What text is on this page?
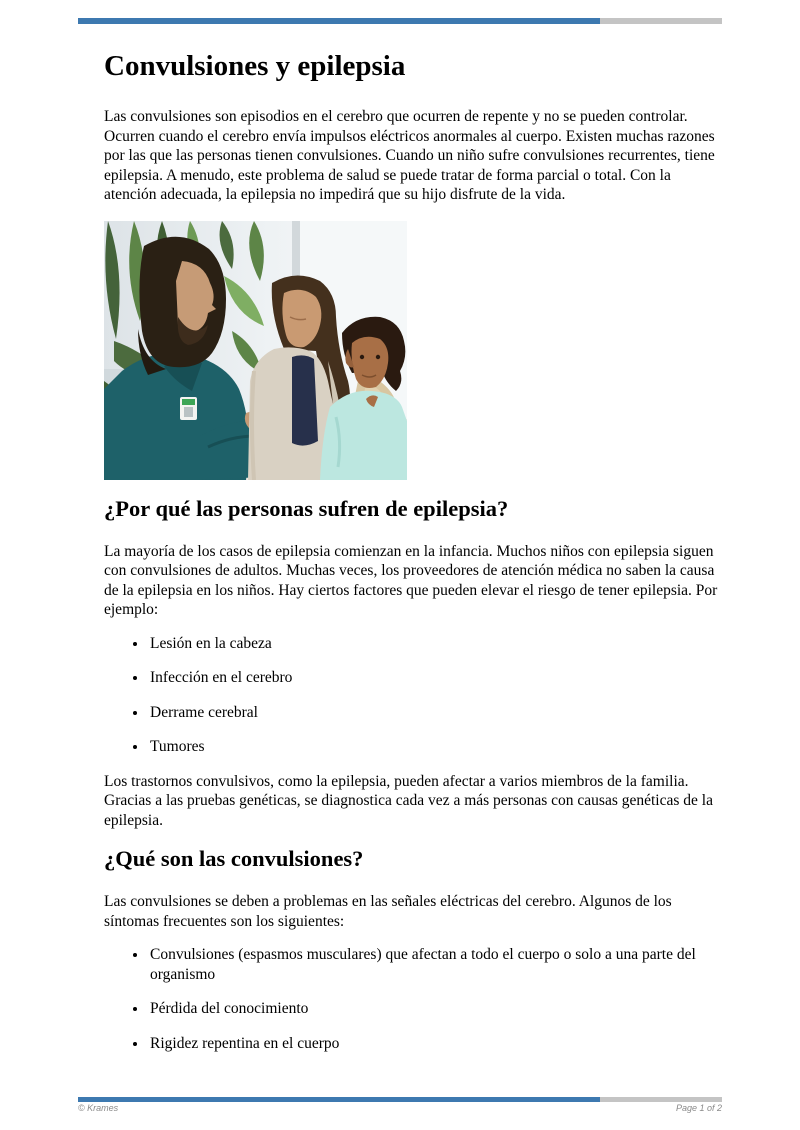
Convulsiones y epilepsia

Las convulsiones son episodios en el cerebro que ocurren de repente y no se pueden controlar. Ocurren cuando el cerebro envía impulsos eléctricos anormales al cuerpo. Existen muchas razones por las que las personas tienen convulsiones. Cuando un niño sufre convulsiones recurrentes, tiene epilepsia. A menudo, este problema de salud se puede tratar de forma parcial o total. Con la atención adecuada, la epilepsia no impedirá que su hijo disfrute de la vida.

¿Por qué las personas sufren de epilepsia?

La mayoría de los casos de epilepsia comienzan en la infancia. Muchos niños con epilepsia siguen con convulsiones de adultos. Muchas veces, los proveedores de atención médica no saben la causa de la epilepsia en los niños. Hay ciertos factores que pueden elevar el riesgo de tener epilepsia. Por ejemplo:

• Lesión en la cabeza
• Infección en el cerebro
• Derrame cerebral
• Tumores

Los trastornos convulsivos, como la epilepsia, pueden afectar a varios miembros de la familia. Gracias a las pruebas genéticas, se diagnostica cada vez a más personas con causas genéticas de la epilepsia.

¿Qué son las convulsiones?

Las convulsiones se deben a problemas en las señales eléctricas del cerebro. Algunos de los síntomas frecuentes son los siguientes:

• Convulsiones (espasmos musculares) que afectan a todo el cuerpo o solo a una parte del organismo
• Pérdida del conocimiento
• Rigidez repentina en el cuerpo
© Krames	Page 1 of 2
